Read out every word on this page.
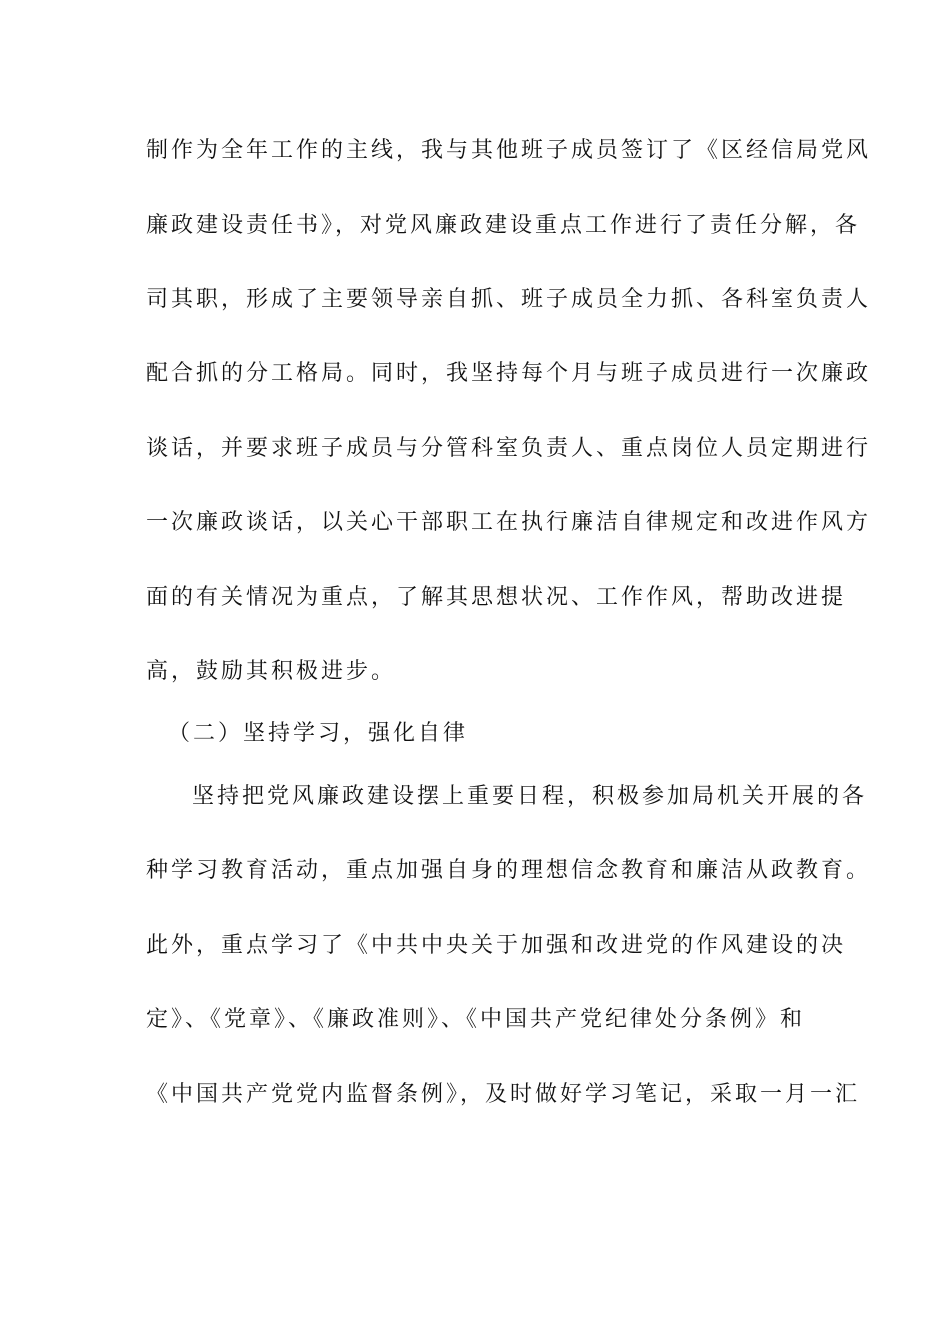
制作为全年工作的主线，我与其他班子成员签订了《区经信局党风
廉政建设责任书》，对党风廉政建设重点工作进行了责任分解，各
司其职，形成了主要领导亲自抓、班子成员全力抓、各科室负责人
配合抓的分工格局。同时，我坚持每个月与班子成员进行一次廉政
谈话，并要求班子成员与分管科室负责人、重点岗位人员定期进行
一次廉政谈话，以关心干部职工在执行廉洁自律规定和改进作风方
面的有关情况为重点，了解其思想状况、工作作风，帮助改进提
高，鼓励其积极进步。
（二）坚持学习，强化自律
坚持把党风廉政建设摆上重要日程，积极参加局机关开展的各
种学习教育活动，重点加强自身的理想信念教育和廉洁从政教育。
此外，重点学习了《中共中央关于加强和改进党的作风建设的决
定》、《党章》、《廉政准则》、《中国共产党纪律处分条例》和
《中国共产党党内监督条例》，及时做好学习笔记，采取一月一汇
